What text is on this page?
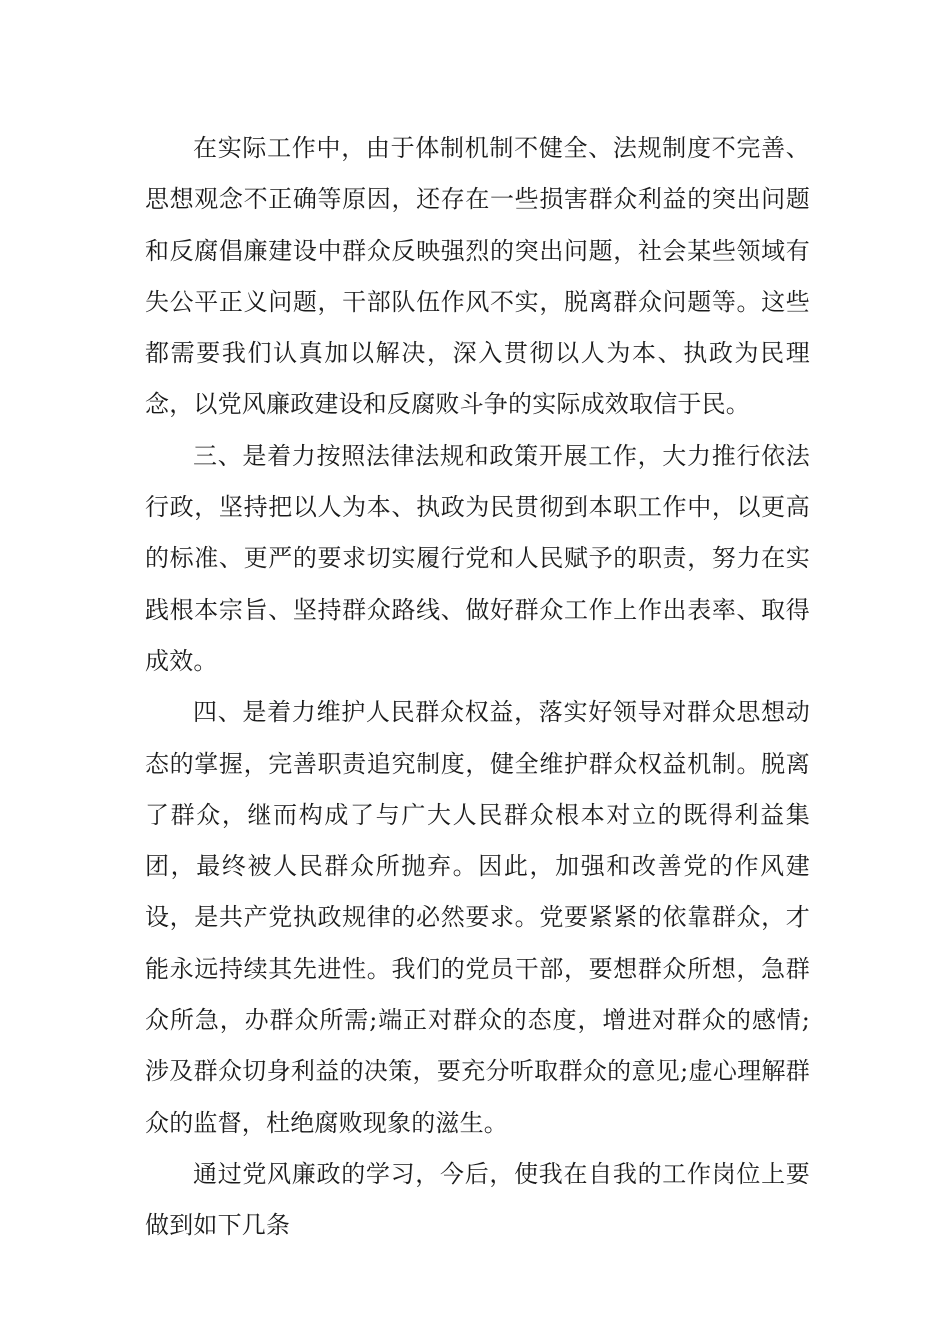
在实际工作中，由于体制机制不健全、法规制度不完善、思想观念不正确等原因，还存在一些损害群众利益的突出问题和反腐倡廉建设中群众反映强烈的突出问题，社会某些领域有失公平正义问题，干部队伍作风不实，脱离群众问题等。这些都需要我们认真加以解决，深入贯彻以人为本、执政为民理念，以党风廉政建设和反腐败斗争的实际成效取信于民。

三、是着力按照法律法规和政策开展工作，大力推行依法行政，坚持把以人为本、执政为民贯彻到本职工作中，以更高的标准、更严的要求切实履行党和人民赋予的职责，努力在实践根本宗旨、坚持群众路线、做好群众工作上作出表率、取得成效。

四、是着力维护人民群众权益，落实好领导对群众思想动态的掌握，完善职责追究制度，健全维护群众权益机制。脱离了群众，继而构成了与广大人民群众根本对立的既得利益集团，最终被人民群众所抛弃。因此，加强和改善党的作风建设，是共产党执政规律的必然要求。党要紧紧的依靠群众，才能永远持续其先进性。我们的党员干部，要想群众所想，急群众所急，办群众所需;端正对群众的态度，增进对群众的感情;涉及群众切身利益的决策，要充分听取群众的意见;虚心理解群众的监督，杜绝腐败现象的滋生。

通过党风廉政的学习，今后，使我在自我的工作岗位上要做到如下几条
